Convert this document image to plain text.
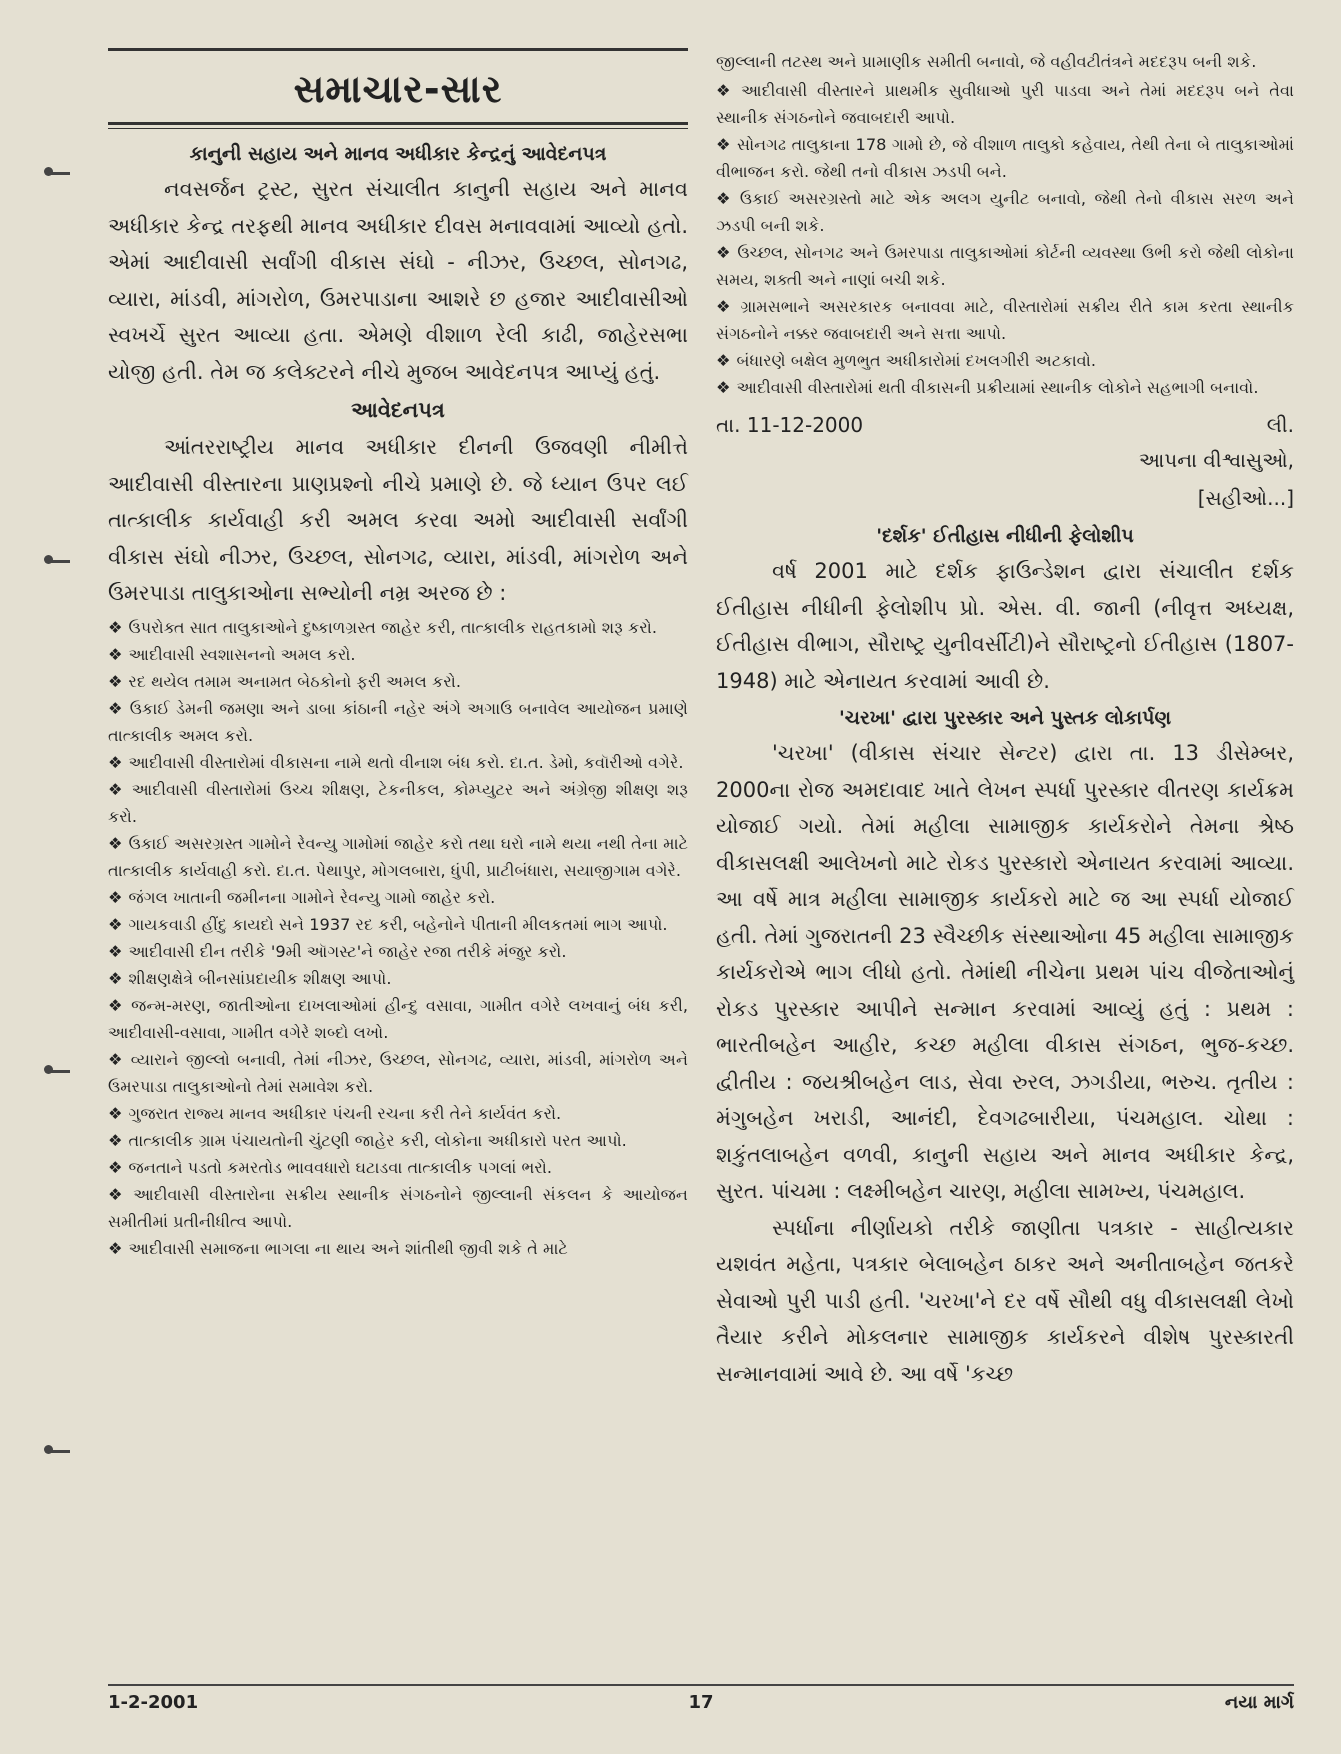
સમાચાર-સાર
કાનુની સહાય અને માનવ અધીકાર કેન્દ્રનું આવેદનપત્ર

નવસર્જન ટ્રસ્ટ, સુરત સંચાલીત કાનુની સહાય અને માનવ અધીકાર કેન્દ્ર તરફથી માનવ અધીકાર દીવસ મનાવવામાં આવ્યો હતો. એમાં આદીવાસી સર્વાંગી વીકાસ સંઘો - નીઝર, ઉચ્છલ, સોનગઢ, વ્યારા, માંડવી, માંગરોળ, ઉમરપાડાના આશરે છ હજાર આદીવાસીઓ સ્વખર્ચે સુરત આવ્યા હતા. એમણે વીશાળ રેલી કાઢી, જાહેરસભા યોજી હતી. તેમ જ કલેક્ટરને નીચે મુજબ આવેદનપત્ર આપ્યું હતું.

આવેદનપત્ર

આંતરરાષ્ટ્રીય માનવ અધીકાર દીનની ઉજવણી નીમીત્તે આદીવાસી વીસ્તારના પ્રાણપ્રશ્નો નીચે પ્રમાણે છે. જે ધ્યાન ઉપર લઈ તાત્કાલીક કાર્યવાહી કરી અમલ કરવા અમો આદીવાસી સર્વાંગી વીકાસ સંઘો નીઝર, ઉચ્છલ, સોનગઢ, વ્યારા, માંડવી, માંગરોળ અને ઉમરપાડા તાલુકાઓના સભ્યોની નમ્ર અરજ છે :

❖ ઉપરોક્ત સાત તાલુકાઓને દુષ્કાળગ્રસ્ત જાહેર કરી, તાત્કાલીક રાહતકામો શરૂ કરો.
❖ આદીવાસી સ્વશાસનનો અમલ કરો.
❖ રદ થયેલ તમામ અનામત બેઠકોનો ફરી અમલ કરો.
❖ ઉકાઈ ડેમની જમણા અને ડાબા કાંઠાની નહેર અંગે અગાઉ બનાવેલ આયોજન પ્રમાણે તાત્કાલીક અમલ કરો.
❖ આદીવાસી વીસ્તારોમાં વીકાસના નામે થતો વીનાશ બંધ કરો. દા.ત. ડેમો, કવૉરીઓ વગેરે.
❖ આદીવાસી વીસ્તારોમાં ઉચ્ચ શીક્ષણ, ટેકનીકલ, કોમ્પ્યુટર અને અંગ્રેજી શીક્ષણ શરૂ કરો.
❖ ઉકાઈ અસરગ્રસ્ત ગામોને રેવન્યુ ગામોમાં જાહેર કરો તથા ઘરો નામે થયા નથી તેના માટે તાત્કાલીક કાર્યવાહી કરો. દા.ત. પેથાપુર, મોગલબારા, ધુંપી, પ્રાટીબંધારા, સયાજીગામ વગેરે.
❖ જંગલ ખાતાની જમીનના ગામોને રેવન્યુ ગામો જાહેર કરો.
❖ ગાયકવાડી હીંદુ કાયદો સને 1937 રદ કરી, બહેનોને પીતાની મીલકતમાં ભાગ આપો.
❖ આદીવાસી દીન તરીકે '9મી ઑગસ્ટ'ને જાહેર રજા તરીકે મંજુર કરો.
❖ શીક્ષણક્ષેત્રે બીનસાંપ્રદાયીક શીક્ષણ આપો.
❖ જન્મ-મરણ, જાતીઓના દાખલાઓમાં હીન્દુ વસાવા, ગામીત વગેરે લખવાનું બંધ કરી, આદીવાસી-વસાવા, ગામીત વગેરે શબ્દો લખો.
❖ વ્યારાને જીલ્લો બનાવી, તેમાં નીઝર, ઉચ્છલ, સોનગઢ, વ્યારા, માંડવી, માંગરોળ અને ઉમરપાડા તાલુકાઓનો તેમાં સમાવેશ કરો.
❖ ગુજરાત રાજ્ય માનવ અધીકાર પંચની રચના કરી તેને કાર્યવંત કરો.
❖ તાત્કાલીક ગ્રામ પંચાયતોની ચુંટણી જાહેર કરી, લોકોના અધીકારો પરત આપો.
❖ જનતાને પડતો કમરતોડ ભાવવધારો ઘટાડવા તાત્કાલીક પગલાં ભરો.
❖ આદીવાસી વીસ્તારોના સક્રીય સ્થાનીક સંગઠનોને જીલ્લાની સંકલન કે આયોજન સમીતીમાં પ્રતીનીધીત્વ આપો.
❖ આદીવાસી સમાજના ભાગલા ના થાય અને શાંતીથી જીવી શકે તે માટે

જીલ્લાની તટસ્થ અને પ્રામાણીક સમીતી બનાવો, જે વહીવટીતંત્રને મદદરૂપ બની શકે.

❖ આદીવાસી વીસ્તારને પ્રાથમીક સુવીધાઓ પુરી પાડવા અને તેમાં મદદરૂપ બને તેવા સ્થાનીક સંગઠનોને જવાબદારી આપો.
❖ સોનગઢ તાલુકાના 178 ગામો છે, જે વીશાળ તાલુકો કહેવાય, તેથી તેના બે તાલુકાઓમાં વીભાજન કરો. જેથી તનો વીકાસ ઝડપી બને.
❖ ઉકાઈ અસરગ્રસ્તો માટે એક અલગ યુનીટ બનાવો, જેથી તેનો વીકાસ સરળ અને ઝડપી બની શકે.
❖ ઉચ્છલ, સોનગઢ અને ઉમરપાડા તાલુકાઓમાં કોર્ટની વ્યવસ્થા ઉભી કરો જેથી લોકોના સમય, શક્તી અને નાણાં બચી શકે.
❖ ગ્રામસભાને અસરકારક બનાવવા માટે, વીસ્તારોમાં સક્રીય રીતે કામ કરતા સ્થાનીક સંગઠનોને નક્કર જવાબદારી અને સત્તા આપો.
❖ બંધારણે બક્ષેલ મુળભુત અધીકારોમાં દખલગીરી અટકાવો.
❖ આદીવાસી વીસ્તારોમાં થતી વીકાસની પ્રક્રીયામાં સ્થાનીક લોકોને સહભાગી બનાવો.
તા. 11-12-2000	લી.
આપના વીશ્વાસુઓ,
[સહીઓ...]
'દર્શક' ઈતીહાસ નીધીની ફેલોશીપ

વર્ષ 2001 માટે દર્શક ફાઉન્ડેશન દ્વારા સંચાલીત દર્શક ઈતીહાસ નીધીની ફેલોશીપ પ્રો. એસ. વી. જાની (નીવૃત્ત અધ્યક્ષ, ઈતીહાસ વીભાગ, સૌરાષ્ટ્ર યુનીવર્સીટી)ને સૌરાષ્ટ્રનો ઈતીહાસ (1807-1948) માટે એનાયત કરવામાં આવી છે.

'ચરખા' દ્વારા પુરસ્કાર અને પુસ્તક લોકાર્પણ

'ચરખા' (વીકાસ સંચાર સેન્ટર) દ્વારા તા. 13 ડીસેમ્બર, 2000ના રોજ અમદાવાદ ખાતે લેખન સ્પર્ધા પુરસ્કાર વીતરણ કાર્યક્રમ યોજાઈ ગયો. તેમાં મહીલા સામાજીક કાર્યકરોને તેમના શ્રેષ્ઠ વીકાસલક્ષી આલેખનો માટે રોકડ પુરસ્કારો એનાયત કરવામાં આવ્યા. આ વર્ષે માત્ર મહીલા સામાજીક કાર્યકરો માટે જ આ સ્પર્ધા યોજાઈ હતી. તેમાં ગુજરાતની 23 સ્વૈચ્છીક સંસ્થાઓના 45 મહીલા સામાજીક કાર્યકરોએ ભાગ લીધો હતો. તેમાંથી નીચેના પ્રથમ પાંચ વીજેતાઓનું રોકડ પુરસ્કાર આપીને સન્માન કરવામાં આવ્યું હતું : પ્રથમ : ભારતીબહેન આહીર, કચ્છ મહીલા વીકાસ સંગઠન, ભુજ-કચ્છ. દ્વીતીય : જયશ્રીબહેન લાડ, સેવા રુરલ, ઝગડીયા, ભરુચ. તૃતીય : મંગુબહેન ખરાડી, આનંદી, દેવગઢબારીયા, પંચમહાલ. ચોથા : શકુંતલાબહેન વળવી, કાનુની સહાય અને માનવ અધીકાર કેન્દ્ર, સુરત. પાંચમા : લક્ષ્મીબહેન ચારણ, મહીલા સામખ્ય, પંચમહાલ.

સ્પર્ધાના નીર્ણાયકો તરીકે જાણીતા પત્રકાર - સાહીત્યકાર યશવંત મહેતા, પત્રકાર બેલાબહેન ઠાકર અને અનીતાબહેન જતકરે સેવાઓ પુરી પાડી હતી. 'ચરખા'ને દર વર્ષે સૌથી વધુ વીકાસલક્ષી લેખો તૈયાર કરીને મોકલનાર સામાજીક કાર્યકરને વીશેષ પુરસ્કારતી સન્માનવામાં આવે છે. આ વર્ષે 'કચ્છ

1-2-2001	17	નયા માર્ગ
